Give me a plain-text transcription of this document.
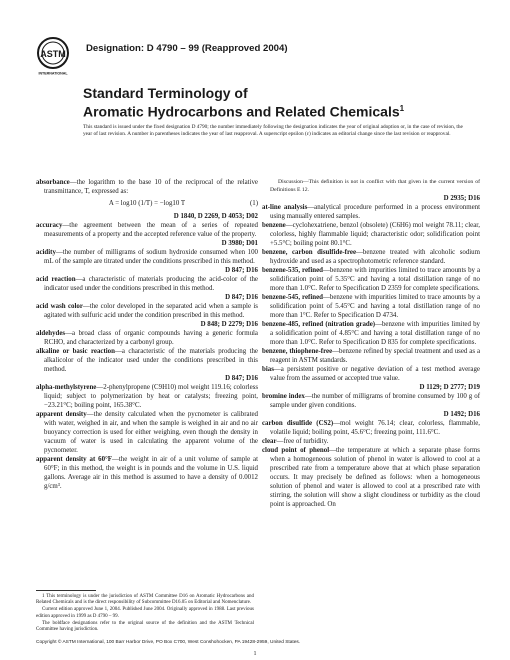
ASTM
INTERNATIONAL
Designation: D 4790 – 99 (Reapproved 2004)
Standard Terminology of
Aromatic Hydrocarbons and Related Chemicals$^1$
This standard is issued under the fixed designation D 4790; the number immediately following the designation indicates the year of original adoption or, in the case of revision, the year of last revision. A number in parentheses indicates the year of last reapproval. A superscript epsilon (ε) indicates an editorial change since the last revision or reapproval.
absorbance—the logarithm to the base 10 of the reciprocal of the relative transmittance, T, expressed as:
A = log10 (1/T) = −log10 T	(1)
D 1840, D 2269, D 4053; D02
accuracy—the agreement between the mean of a series of repeated measurements of a property and the accepted reference value of the property.
D 3980; D01
acidity—the number of milligrams of sodium hydroxide consumed when 100 mL of the sample are titrated under the conditions prescribed in this method.
D 847; D16
acid reaction—a characteristic of materials producing the acid-color of the indicator used under the conditions prescribed in this method.
D 847; D16
acid wash color—the color developed in the separated acid when a sample is agitated with sulfuric acid under the condition prescribed in this method.
D 848; D 2279; D16
aldehydes—a broad class of organic compounds having a generic formula RCHO, and characterized by a carbonyl group.
alkaline or basic reaction—a characteristic of the materials producing the alkalicolor of the indicator used under the conditions prescribed in this method.
D 847; D16
alpha-methylstyrene—2-phenylpropene (C9H10) mol weight 119.16; colorless liquid; subject to polymerization by heat or catalysts; freezing point, −23.21°C; boiling point, 165.38°C.
apparent density—the density calculated when the pycnometer is calibrated with water, weighed in air, and when the sample is weighed in air and no air buoyancy correction is used for either weighing, even though the density in vacuum of water is used in calculating the apparent volume of the pycnometer.
apparent density at 60°F—the weight in air of a unit volume of sample at 60°F; in this method, the weight is in pounds and the volume in U.S. liquid gallons. Average air in this method is assumed to have a density of 0.0012 g/cm³.
Discussion—This definition is not in conflict with that given in the current version of Definitions E 12.
D 2935; D16
at-line analysis—analytical procedure performed in a process environment using manually entered samples.
benzene—cyclohexatriene, benzol (obsolete) (C6H6) mol weight 78.11; clear, colorless, highly flammable liquid; characteristic odor; solidification point +5.5°C; boiling point 80.1°C.
benzene, carbon disulfide-free—benzene treated with alcoholic sodium hydroxide and used as a spectrophotometric reference standard.
benzene-535, refined—benzene with impurities limited to trace amounts by a solidification point of 5.35°C and having a total distillation range of no more than 1.0°C. Refer to Specification D 2359 for complete specifications.
benzene-545, refined—benzene with impurities limited to trace amounts by a solidification point of 5.45°C and having a total distillation range of no more than 1°C. Refer to Specification D 4734.
benzene-485, refined (nitration grade)—benzene with impurities limited by a solidification point of 4.85°C and having a total distillation range of no more than 1.0°C. Refer to Specification D 835 for complete specifications.
benzene, thiophene-free—benzene refined by special treatment and used as a reagent in ASTM standards.
bias—a persistent positive or negative deviation of a test method average value from the assumed or accepted true value.
D 1129; D 2777; D19
bromine index—the number of milligrams of bromine consumed by 100 g of sample under given conditions.
D 1492; D16
carbon disulfide (CS2)—mol weight 76.14; clear, colorless, flammable, volatile liquid; boiling point, 45.6°C; freezing point, 111.6°C.
clear—free of turbidity.
cloud point of phenol—the temperature at which a separate phase forms when a homogeneous solution of phenol in water is allowed to cool at a prescribed rate from a temperature above that at which phase separation occurs. It may precisely be defined as follows: when a homogeneous solution of phenol and water is allowed to cool at a prescribed rate with stirring, the solution will show a slight cloudiness or turbidity as the cloud point is approached. On

1 This terminology is under the jurisdiction of ASTM Committee D16 on Aromatic Hydrocarbons and Related Chemicals and is the direct responsibility of Subcommittee D16.05 on Editorial and Nomenclature.

Current edition approved June 1, 2004. Published June 2004. Originally approved in 1988. Last previous edition approved in 1999 as D 4790 – 99.

The boldface designations refer to the original source of the definition and the ASTM Technical Committee having jurisdiction.

Copyright © ASTM International, 100 Barr Harbor Drive, PO Box C700, West Conshohocken, PA 19428-2959, United States.
1
